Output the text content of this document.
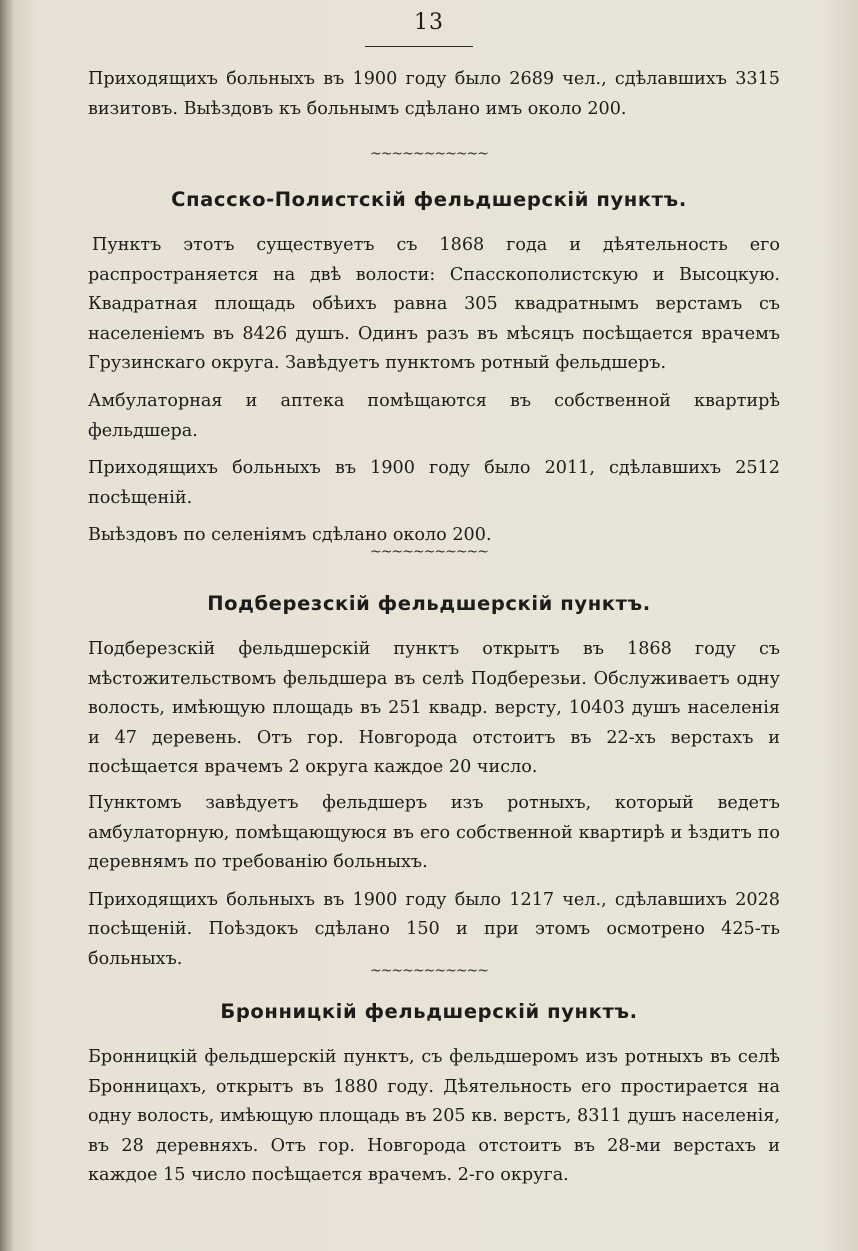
13

Приходящихъ больныхъ въ 1900 году было 2689 чел., сдѣлавшихъ 3315 визитовъ. Выѣздовъ къ больнымъ сдѣлано имъ около 200.

~~~~~~~~~~~
Спасско-Полистскій фельдшерскій пунктъ.

Пунктъ этотъ существуетъ съ 1868 года и дѣятельность его распространяется на двѣ волости: Спасскополистскую и Высоцкую. Квадратная площадь обѣихъ равна 305 квадратнымъ верстамъ съ населеніемъ въ 8426 душъ. Одинъ разъ въ мѣсяцъ посѣщается врачемъ Грузинскаго округа. Завѣдуетъ пунктомъ ротный фельдшеръ.

Амбулаторная и аптека помѣщаются въ собственной квартирѣ фельдшера.

Приходящихъ больныхъ въ 1900 году было 2011, сдѣлавшихъ 2512 посѣщеній.

Выѣздовъ по селеніямъ сдѣлано около 200.

~~~~~~~~~~~
Подберезскій фельдшерскій пунктъ.

Подберезскій фельдшерскій пунктъ открытъ въ 1868 году съ мѣстожительствомъ фельдшера въ селѣ Подберезьи. Обслуживаетъ одну волость, имѣющую площадь въ 251 квадр. версту, 10403 душъ населенія и 47 деревень. Отъ гор. Новгорода отстоитъ въ 22-хъ верстахъ и посѣщается врачемъ 2 округа каждое 20 число.

Пунктомъ завѣдуетъ фельдшеръ изъ ротныхъ, который ведетъ амбулаторную, помѣщающуюся въ его собственной квартирѣ и ѣздитъ по деревнямъ по требованію больныхъ.

Приходящихъ больныхъ въ 1900 году было 1217 чел., сдѣлавшихъ 2028 посѣщеній. Поѣздокъ сдѣлано 150 и при этомъ осмотрено 425-ть больныхъ.

~~~~~~~~~~~
Бронницкій фельдшерскій пунктъ.

Бронницкій фельдшерскій пунктъ, съ фельдшеромъ изъ ротныхъ въ селѣ Бронницахъ, открытъ въ 1880 году. Дѣятельность его простирается на одну волость, имѣющую площадь въ 205 кв. верстъ, 8311 душъ населенія, въ 28 деревняхъ. Отъ гор. Новгорода отстоитъ въ 28-ми верстахъ и каждое 15 число посѣщается врачемъ. 2-го округа.
